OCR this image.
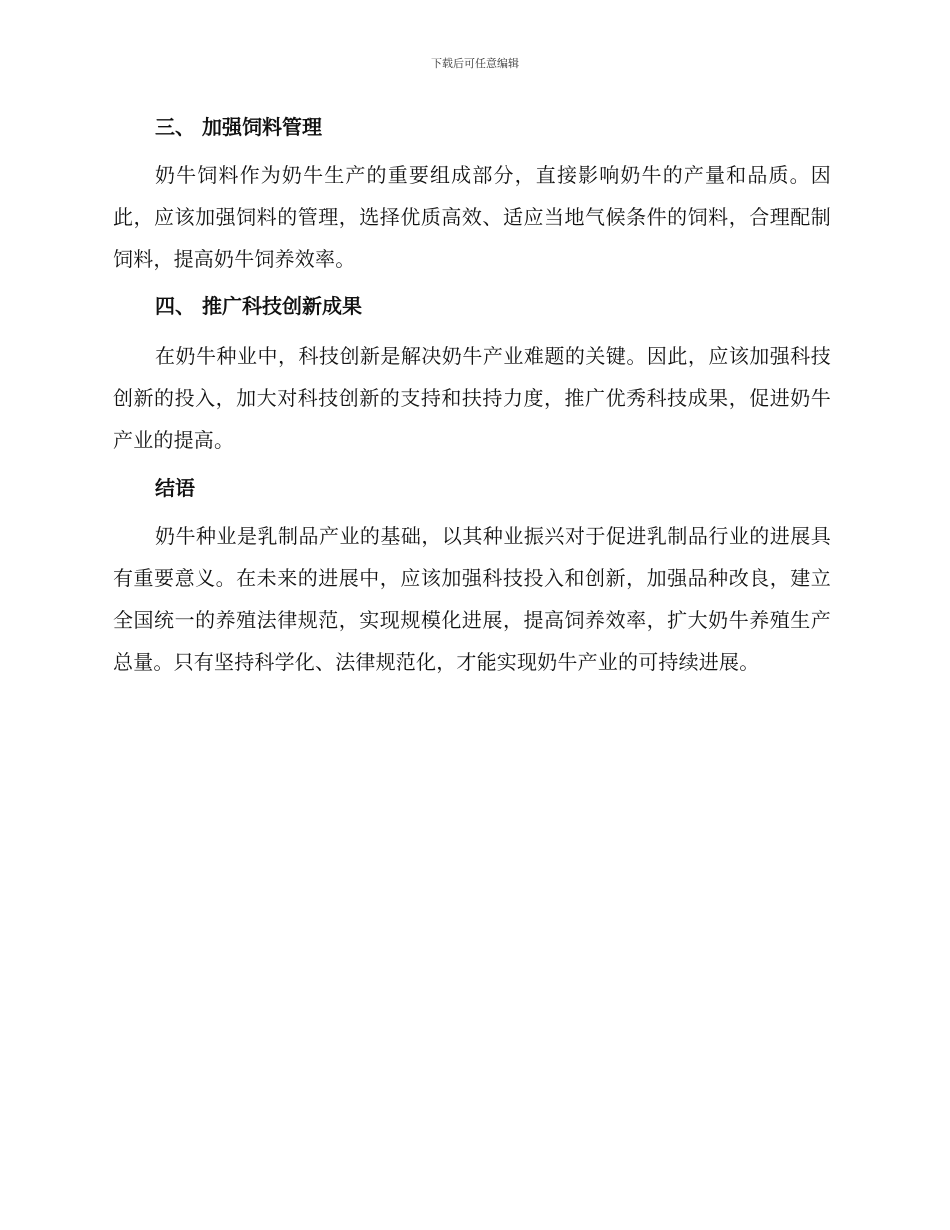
下载后可任意编辑
三、 加强饲料管理

奶牛饲料作为奶牛生产的重要组成部分，直接影响奶牛的产量和品质。因此，应该加强饲料的管理，选择优质高效、适应当地气候条件的饲料，合理配制饲料，提高奶牛饲养效率。

四、 推广科技创新成果

在奶牛种业中，科技创新是解决奶牛产业难题的关键。因此，应该加强科技创新的投入，加大对科技创新的支持和扶持力度，推广优秀科技成果，促进奶牛产业的提高。

结语

奶牛种业是乳制品产业的基础，以其种业振兴对于促进乳制品行业的进展具有重要意义。在未来的进展中，应该加强科技投入和创新，加强品种改良，建立全国统一的养殖法律规范，实现规模化进展，提高饲养效率，扩大奶牛养殖生产总量。只有坚持科学化、法律规范化，才能实现奶牛产业的可持续进展。
